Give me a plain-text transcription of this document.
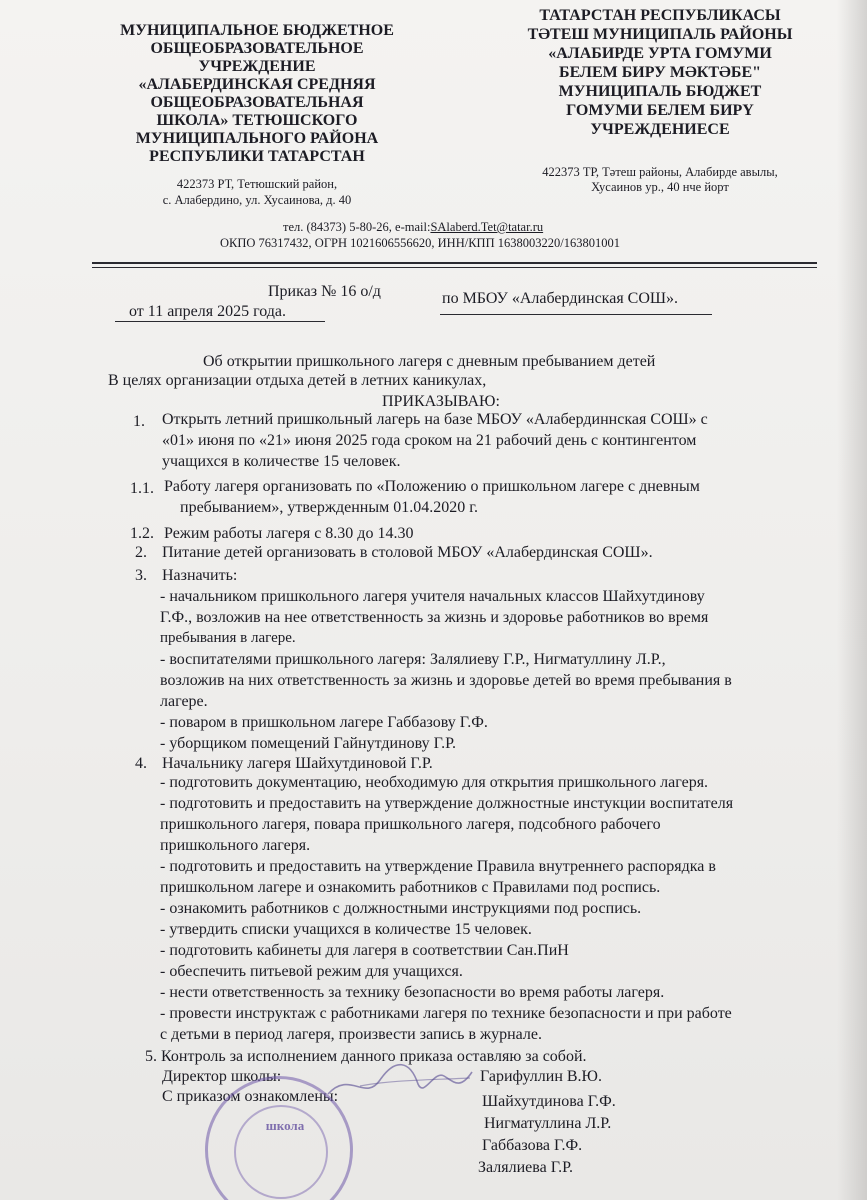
МУНИЦИПАЛЬНОЕ БЮДЖЕТНОЕ
ОБЩЕОБРАЗОВАТЕЛЬНОЕ
УЧРЕЖДЕНИЕ
«АЛАБЕРДИНСКАЯ СРЕДНЯЯ
ОБЩЕОБРАЗОВАТЕЛЬНАЯ
ШКОЛА» ТЕТЮШСКОГО
МУНИЦИПАЛЬНОГО РАЙОНА
РЕСПУБЛИКИ ТАТАРСТАН
422373 РТ, Тетюшский район,
с. Алабердино, ул. Хусаинова, д. 40
ТАТАРСТАН РЕСПУБЛИКАСЫ
ТӘТЕШ МУНИЦИПАЛЬ РАЙОНЫ
«АЛАБИРДЕ УРТА ГОМУМИ
БЕЛЕМ БИРУ МӘКТӘБЕ"
МУНИЦИПАЛЬ БЮДЖЕТ
ГОМУМИ БЕЛЕМ БИРҮ
УЧРЕЖДЕНИЕСЕ
422373 ТР, Тәтеш районы, Алабирде авылы,
Хусаинов ур., 40 нче йорт
тел. (84373) 5-80-26, e-mail:SAlaberd.Tet@tatar.ru
ОКПО 76317432, ОГРН 1021606556620, ИНН/КПП 1638003220/163801001
Приказ № 16 о/д
от 11 апреля 2025 года.
по МБОУ «Алабердинская СОШ».
Об открытии пришкольного лагеря с дневным пребыванием детей
В целях организации отдыха детей в летних каникулах,
ПРИКАЗЫВАЮ:
1. Открыть летний пришкольный лагерь на базе МБОУ «Алабердиннская СОШ» с
«01» июня по «21» июня 2025 года сроком на 21 рабочий день с контингентом
учащихся в количестве 15 человек.
1.1. Работу лагеря организовать по «Положению о пришкольном лагере с дневным
пребыванием», утвержденным 01.04.2020 г.
1.2. Режим работы лагеря с 8.30 до 14.30
2. Питание детей организовать в столовой МБОУ «Алабердинская СОШ».
3. Назначить:
- начальником пришкольного лагеря учителя начальных классов Шайхутдинову
Г.Ф., возложив на нее ответственность за жизнь и здоровье работников во время
пребывания в лагере.
- воспитателями пришкольного лагеря: Залялиеву Г.Р., Нигматуллину Л.Р.,
возложив на них ответственность за жизнь и здоровье детей во время пребывания в
лагере.
- поваром в пришкольном лагере Габбазову Г.Ф.
- уборщиком помещений Гайнутдинову Г.Р.
4. Начальнику лагеря Шайхутдиновой Г.Р.
- подготовить документацию, необходимую для открытия пришкольного лагеря.
- подготовить и предоставить на утверждение должностные инстукции воспитателя
пришкольного лагеря, повара пришкольного лагеря, подсобного рабочего
пришкольного лагеря.
- подготовить и предоставить на утверждение Правила внутреннего распорядка в
пришкольном лагере и ознакомить работников с Правилами под роспись.
- ознакомить работников с должностными инструкциями под роспись.
- утвердить списки учащихся в количестве 15 человек.
- подготовить кабинеты для лагеря в соответствии Сан.ПиН
- обеспечить питьевой режим для учащихся.
- нести ответственность за технику безопасности во время работы лагеря.
- провести инструктаж с работниками лагеря по технике безопасности и при работе
с детьми в период лагеря, произвести запись в журнале.
5. Контроль за исполнением данного приказа оставляю за собой.
Директор школы:	Гарифуллин В.Ю.
С приказом ознакомлены:	Шайхутдинова Г.Ф.
Нигматуллина Л.Р.
Габбазова Г.Ф.
Залялиева Г.Р.
школа
